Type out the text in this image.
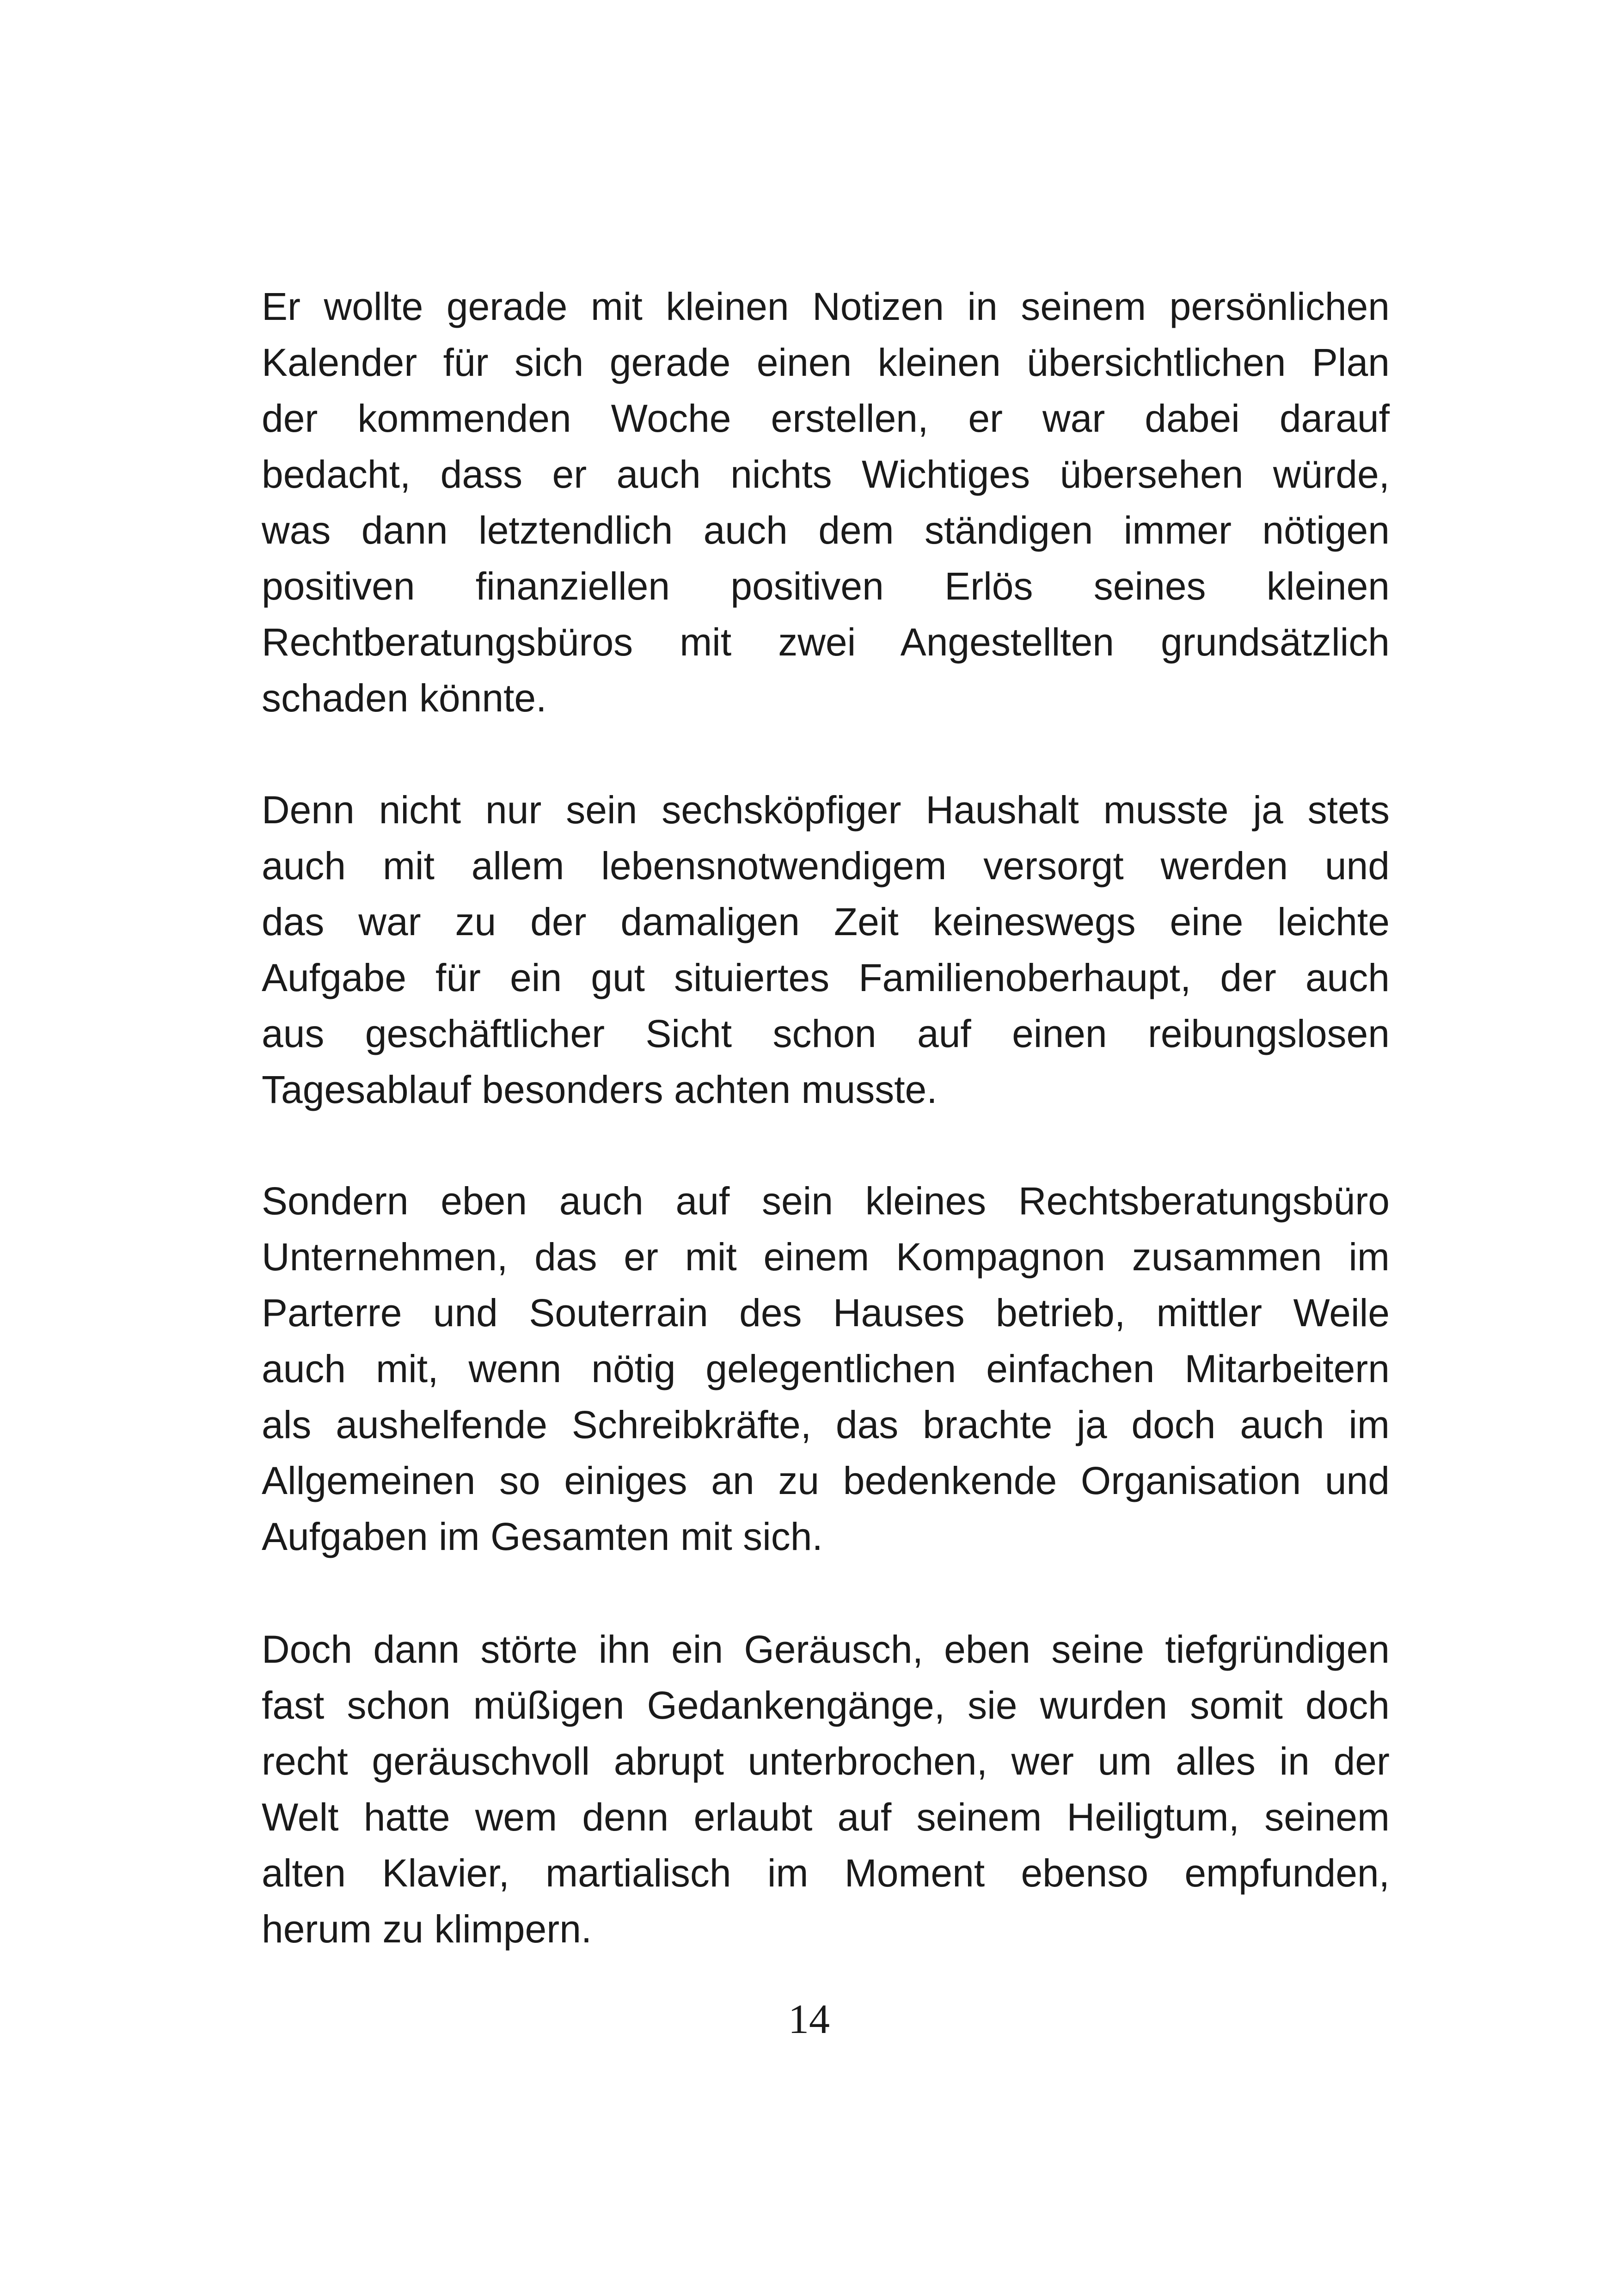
Er wollte gerade mit kleinen Notizen in seinem persönlichen
Kalender für sich gerade einen kleinen übersichtlichen Plan
der kommenden Woche erstellen, er war dabei darauf
bedacht, dass er auch nichts Wichtiges übersehen würde,
was dann letztendlich auch dem ständigen immer nötigen
positiven finanziellen positiven Erlös seines kleinen
Rechtberatungsbüros mit zwei Angestellten grundsätzlich
schaden könnte.
Denn nicht nur sein sechsköpfiger Haushalt musste ja stets
auch mit allem lebensnotwendigem versorgt werden und
das war zu der damaligen Zeit keineswegs eine leichte
Aufgabe für ein gut situiertes Familienoberhaupt, der auch
aus geschäftlicher Sicht schon auf einen reibungslosen
Tagesablauf besonders achten musste.
Sondern eben auch auf sein kleines Rechtsberatungsbüro
Unternehmen, das er mit einem Kompagnon zusammen im
Parterre und Souterrain des Hauses betrieb, mittler Weile
auch mit, wenn nötig gelegentlichen einfachen Mitarbeitern
als aushelfende Schreibkräfte, das brachte ja doch auch im
Allgemeinen so einiges an zu bedenkende Organisation und
Aufgaben im Gesamten mit sich.
Doch dann störte ihn ein Geräusch, eben seine tiefgründigen
fast schon müßigen Gedankengänge, sie wurden somit doch
recht geräuschvoll abrupt unterbrochen, wer um alles in der
Welt hatte wem denn erlaubt auf seinem Heiligtum, seinem
alten Klavier, martialisch im Moment ebenso empfunden,
herum zu klimpern.
14
